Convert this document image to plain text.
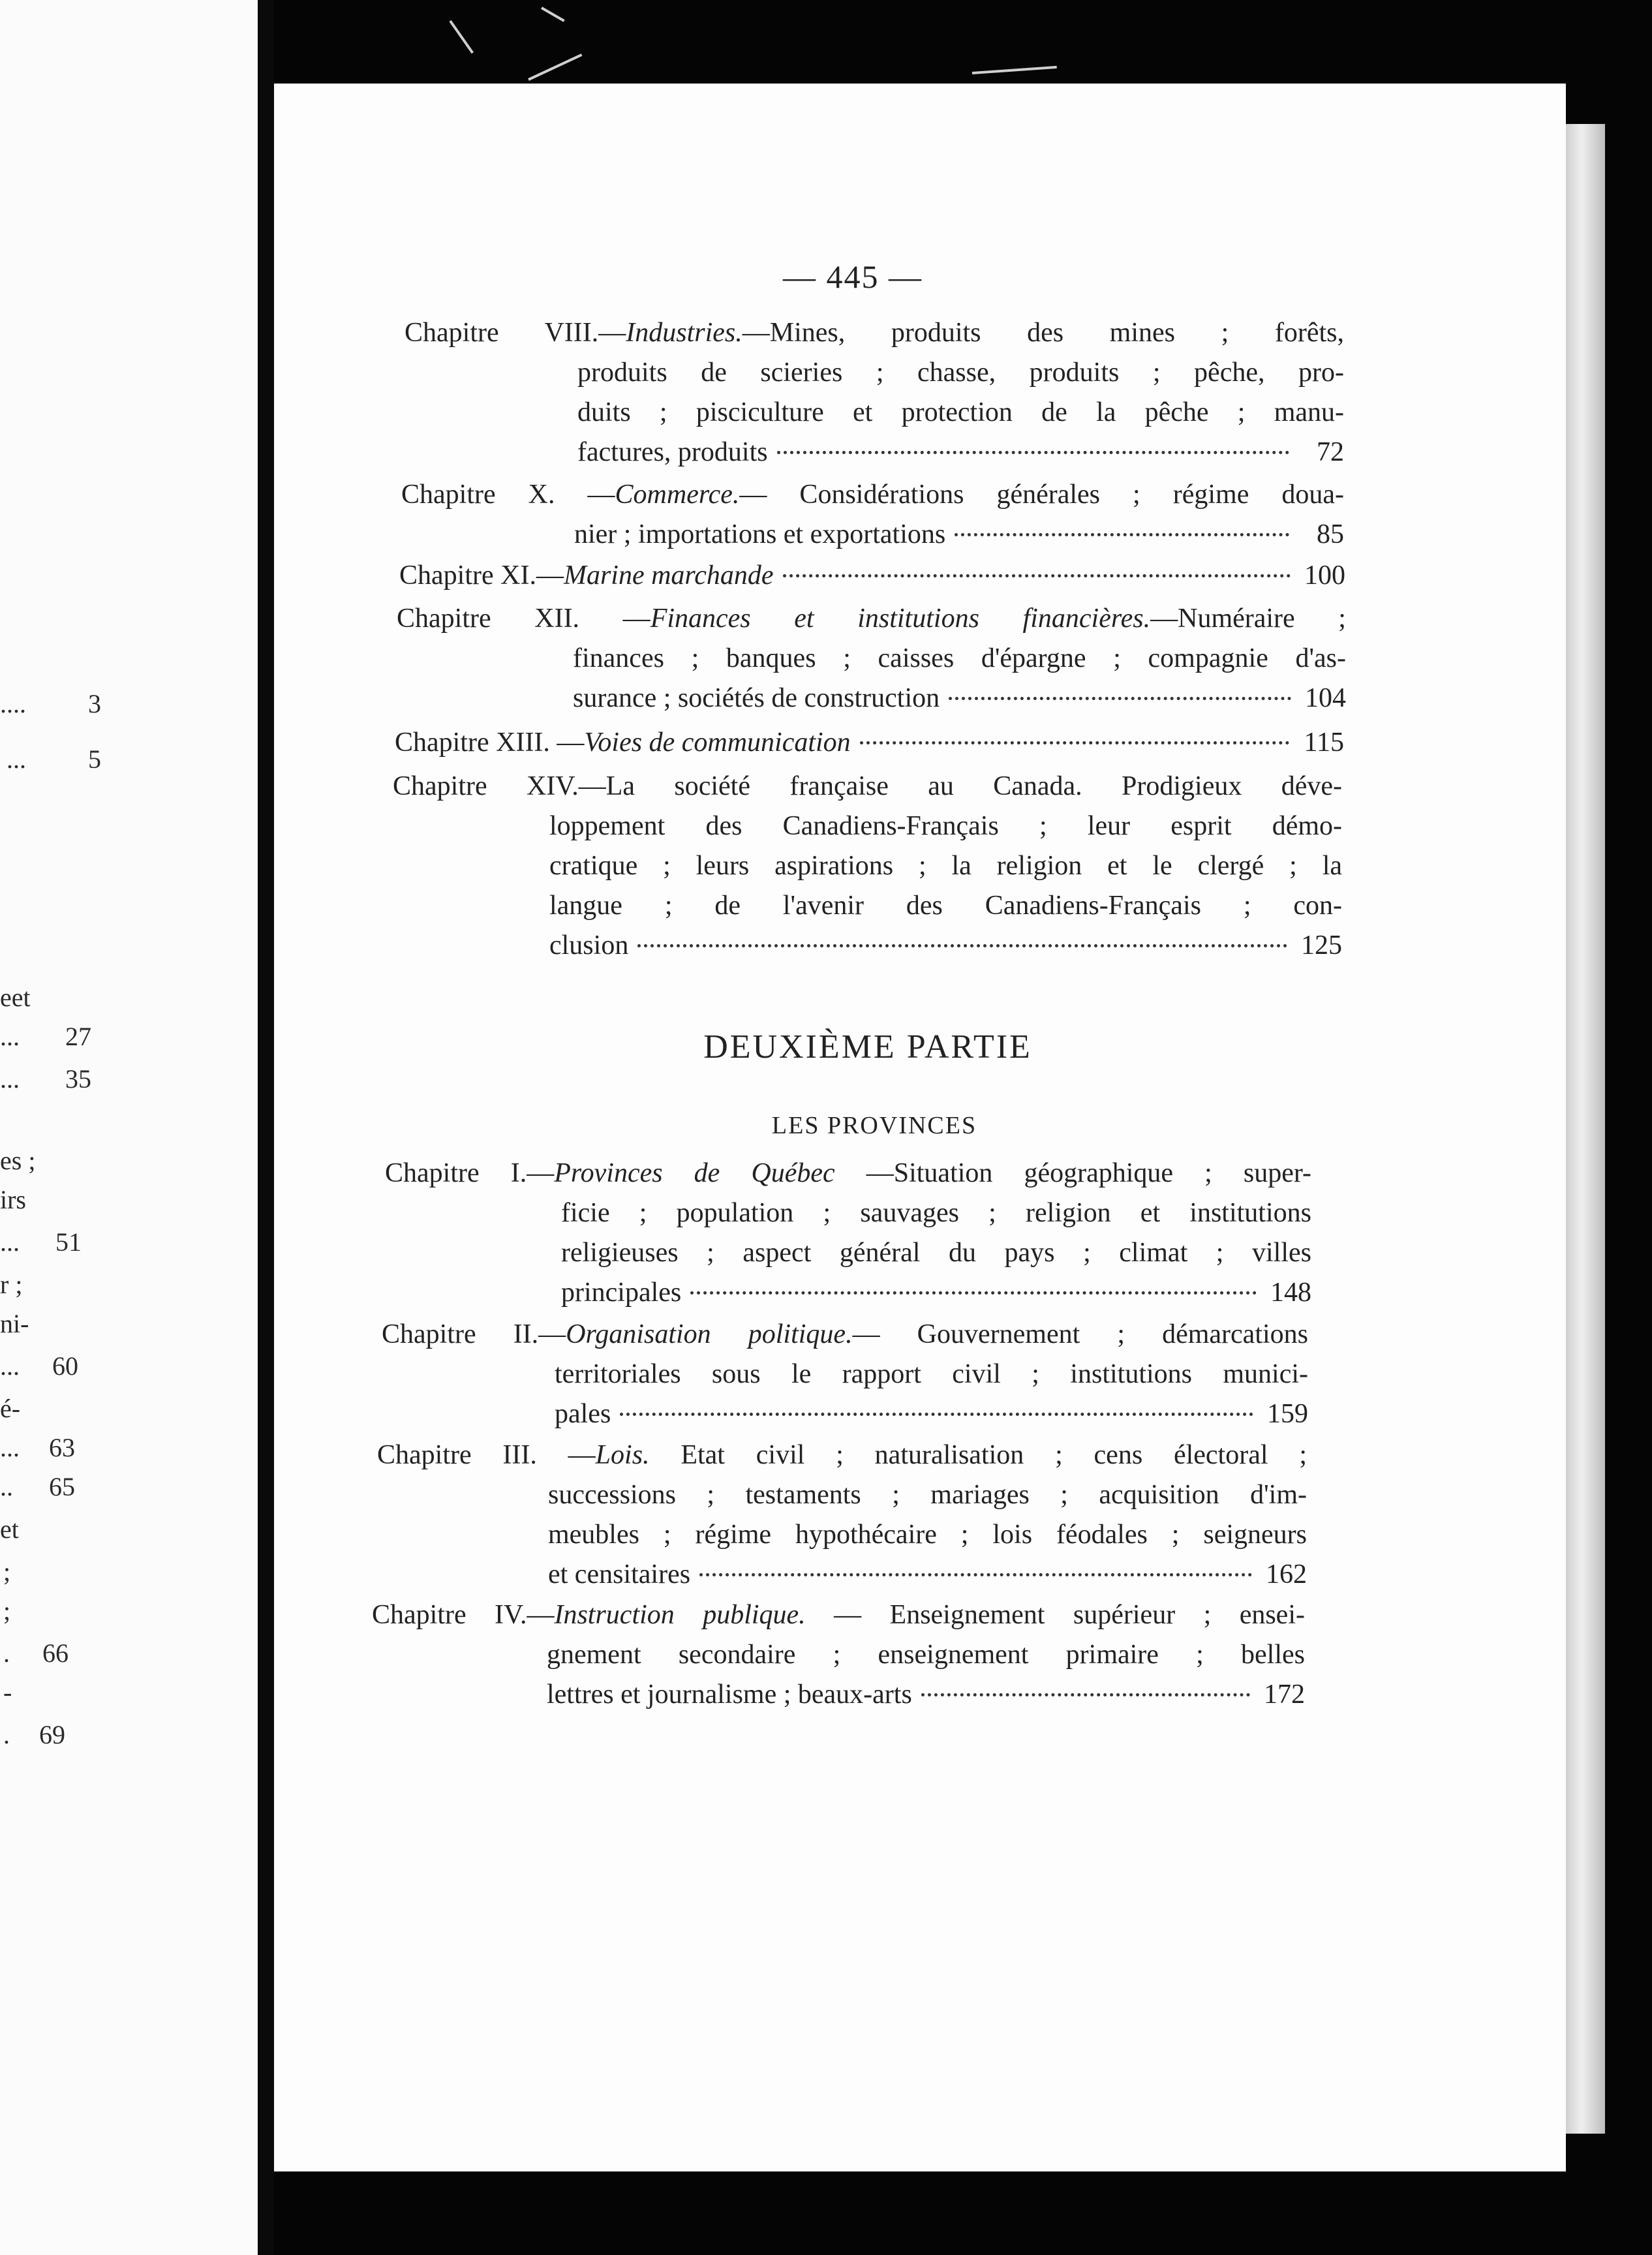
.... 3
... 5
eet
... 27
... 35
es ;
irs
... 51
r ;
ni-
... 60
é-
... 63
.. 65
et
;
;
. 66
-
. 69
— 445 —
Chapitre VIII.—Industries.—Mines, produits des mines ; forêts,
produits de scieries ; chasse, produits ; pêche, pro-
duits ; pisciculture et protection de la pêche ; manu-
factures, produits	72
Chapitre X. —Commerce.— Considérations générales ; régime doua-
nier ; importations et exportations	85
Chapitre XI.— Marine marchande	100
Chapitre XII. —Finances et institutions financières.—Numéraire ;
finances ; banques ; caisses d'épargne ; compagnie d'as-
surance ; sociétés de construction	104
Chapitre XIII. — Voies de communication	115
Chapitre XIV.—La société française au Canada. Prodigieux déve-
loppement des Canadiens-Français ; leur esprit démo-
cratique ; leurs aspirations ; la religion et le clergé ; la
langue ; de l'avenir des Canadiens-Français ; con-
clusion	125
DEUXIÈME PARTIE
LES PROVINCES
Chapitre I.—Provinces de Québec —Situation géographique ; super-
ficie ; population ; sauvages ; religion et institutions
religieuses ; aspect général du pays ; climat ; villes
principales	148
Chapitre II.—Organisation politique.— Gouvernement ; démarcations
territoriales sous le rapport civil ; institutions munici-
pales	159
Chapitre III. —Lois. Etat civil ; naturalisation ; cens électoral ;
successions ; testaments ; mariages ; acquisition d'im-
meubles ; régime hypothécaire ; lois féodales ; seigneurs
et censitaires	162
Chapitre IV.—Instruction publique. — Enseignement supérieur ; ensei-
gnement secondaire ; enseignement primaire ; belles
lettres et journalisme ; beaux-arts	172
